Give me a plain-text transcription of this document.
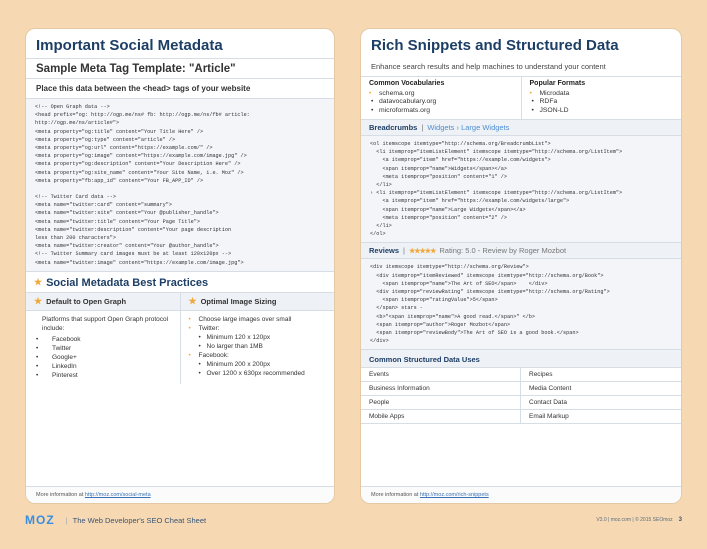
Important Social Metadata
Sample Meta Tag Template: "Article"
Place this data between the <head> tags of your website
<!-- Open Graph data -->
<head prefix="og: http://ogp.me/ns# fb: http://ogp.me/ns/fb# article:
http://ogp.me/ns/article#">
<meta property="og:title" content="Your Title Here" />
<meta property="og:type" content="article" />
<meta property="og:url" content="https://example.com/" />
<meta property="og:image" content="https://example.com/image.jpg" />
<meta property="og:description" content="Your Description Here" />
<meta property="og:site_name" content="Your Site Name, i.e. Moz" />
<meta property="fb:app_id" content="Your FB_APP_ID" />
<!-- Twitter Card data -->
<meta name="twitter:card" content="summary">
<meta name="twitter:site" content="Your @publisher_handle">
<meta name="twitter:title" content="Your Page Title">
<meta name="twitter:description" content="Your page description
less than 200 characters">
<meta name="twitter:creator" content="Your @author_handle">
<!-- Twitter Summary card images must be at least 120x120px -->
<meta name="twitter:image" content="https://example.com/image.jpg">
★ Social Metadata Best Practices
★ Default to Open Graph
Platforms that support Open Graph protocol include:
• Facebook
• Twitter
• Google+
• LinkedIn
• Pinterest
★ Optimal Image Sizing
• Choose large images over small
• Twitter:
• Minimum 120 x 120px
• No larger than 1MB
• Facebook:
• Minimum 200 x 200px
• Over 1200 x 630px recommended
More information at http://moz.com/social-meta
Rich Snippets and Structured Data
Enhance search results and help machines to understand your content
Common Vocabularies
• schema.org
• datavocabulary.org
• microformats.org
Popular Formats
• Microdata
• RDFa
• JSON-LD
Breadcrumbs | Widgets › Large Widgets
<ol itemscope itemtype="http://schema.org/BreadcrumbList">
<li itemprop="itemListElement" itemscope itemtype="http://schema.org/ListItem">
<a itemprop="item" href="https://example.com/widgets">
<span itemprop="name">Widgets</span></a>
<meta itemprop="position" content="1" />
</li>
› <li itemprop="itemListElement" itemscope itemtype="http://schema.org/ListItem">
<a itemprop="item" href="https://example.com/widgets/large">
<span itemprop="name">Large Widgets</span></a>
<meta itemprop="position" content="2" />
</li>
</ol>
Reviews | ★★★★★ Rating: 5.0 - Review by Roger Mozbot
<div itemscope itemtype="http://schema.org/Review">
<div itemprop="itemReviewed" itemscope itemtype="http://schema.org/Book">
<span itemprop="name">The Art of SEO</span>    </div>
<div itemprop="reviewRating" itemscope itemtype="http://schema.org/Rating">
<span itemprop="ratingValue">5</span>
</span> stars -
<b>"<span itemprop="name">A good read.</span>" </b>
<span itemprop="author">Roger Mozbot</span>
<span itemprop="reviewBody">The Art of SEO is a good book.</span>
</div>
Common Structured Data Uses
Events	Recipes
Business Information	Media Content
People	Contact Data
Mobile Apps	Email Markup
More information at http://moz.com/rich-snippets
MOZ | The Web Developer's SEO Cheat Sheet	V3.0 | moz.com | © 2015 SEOmoz 3
